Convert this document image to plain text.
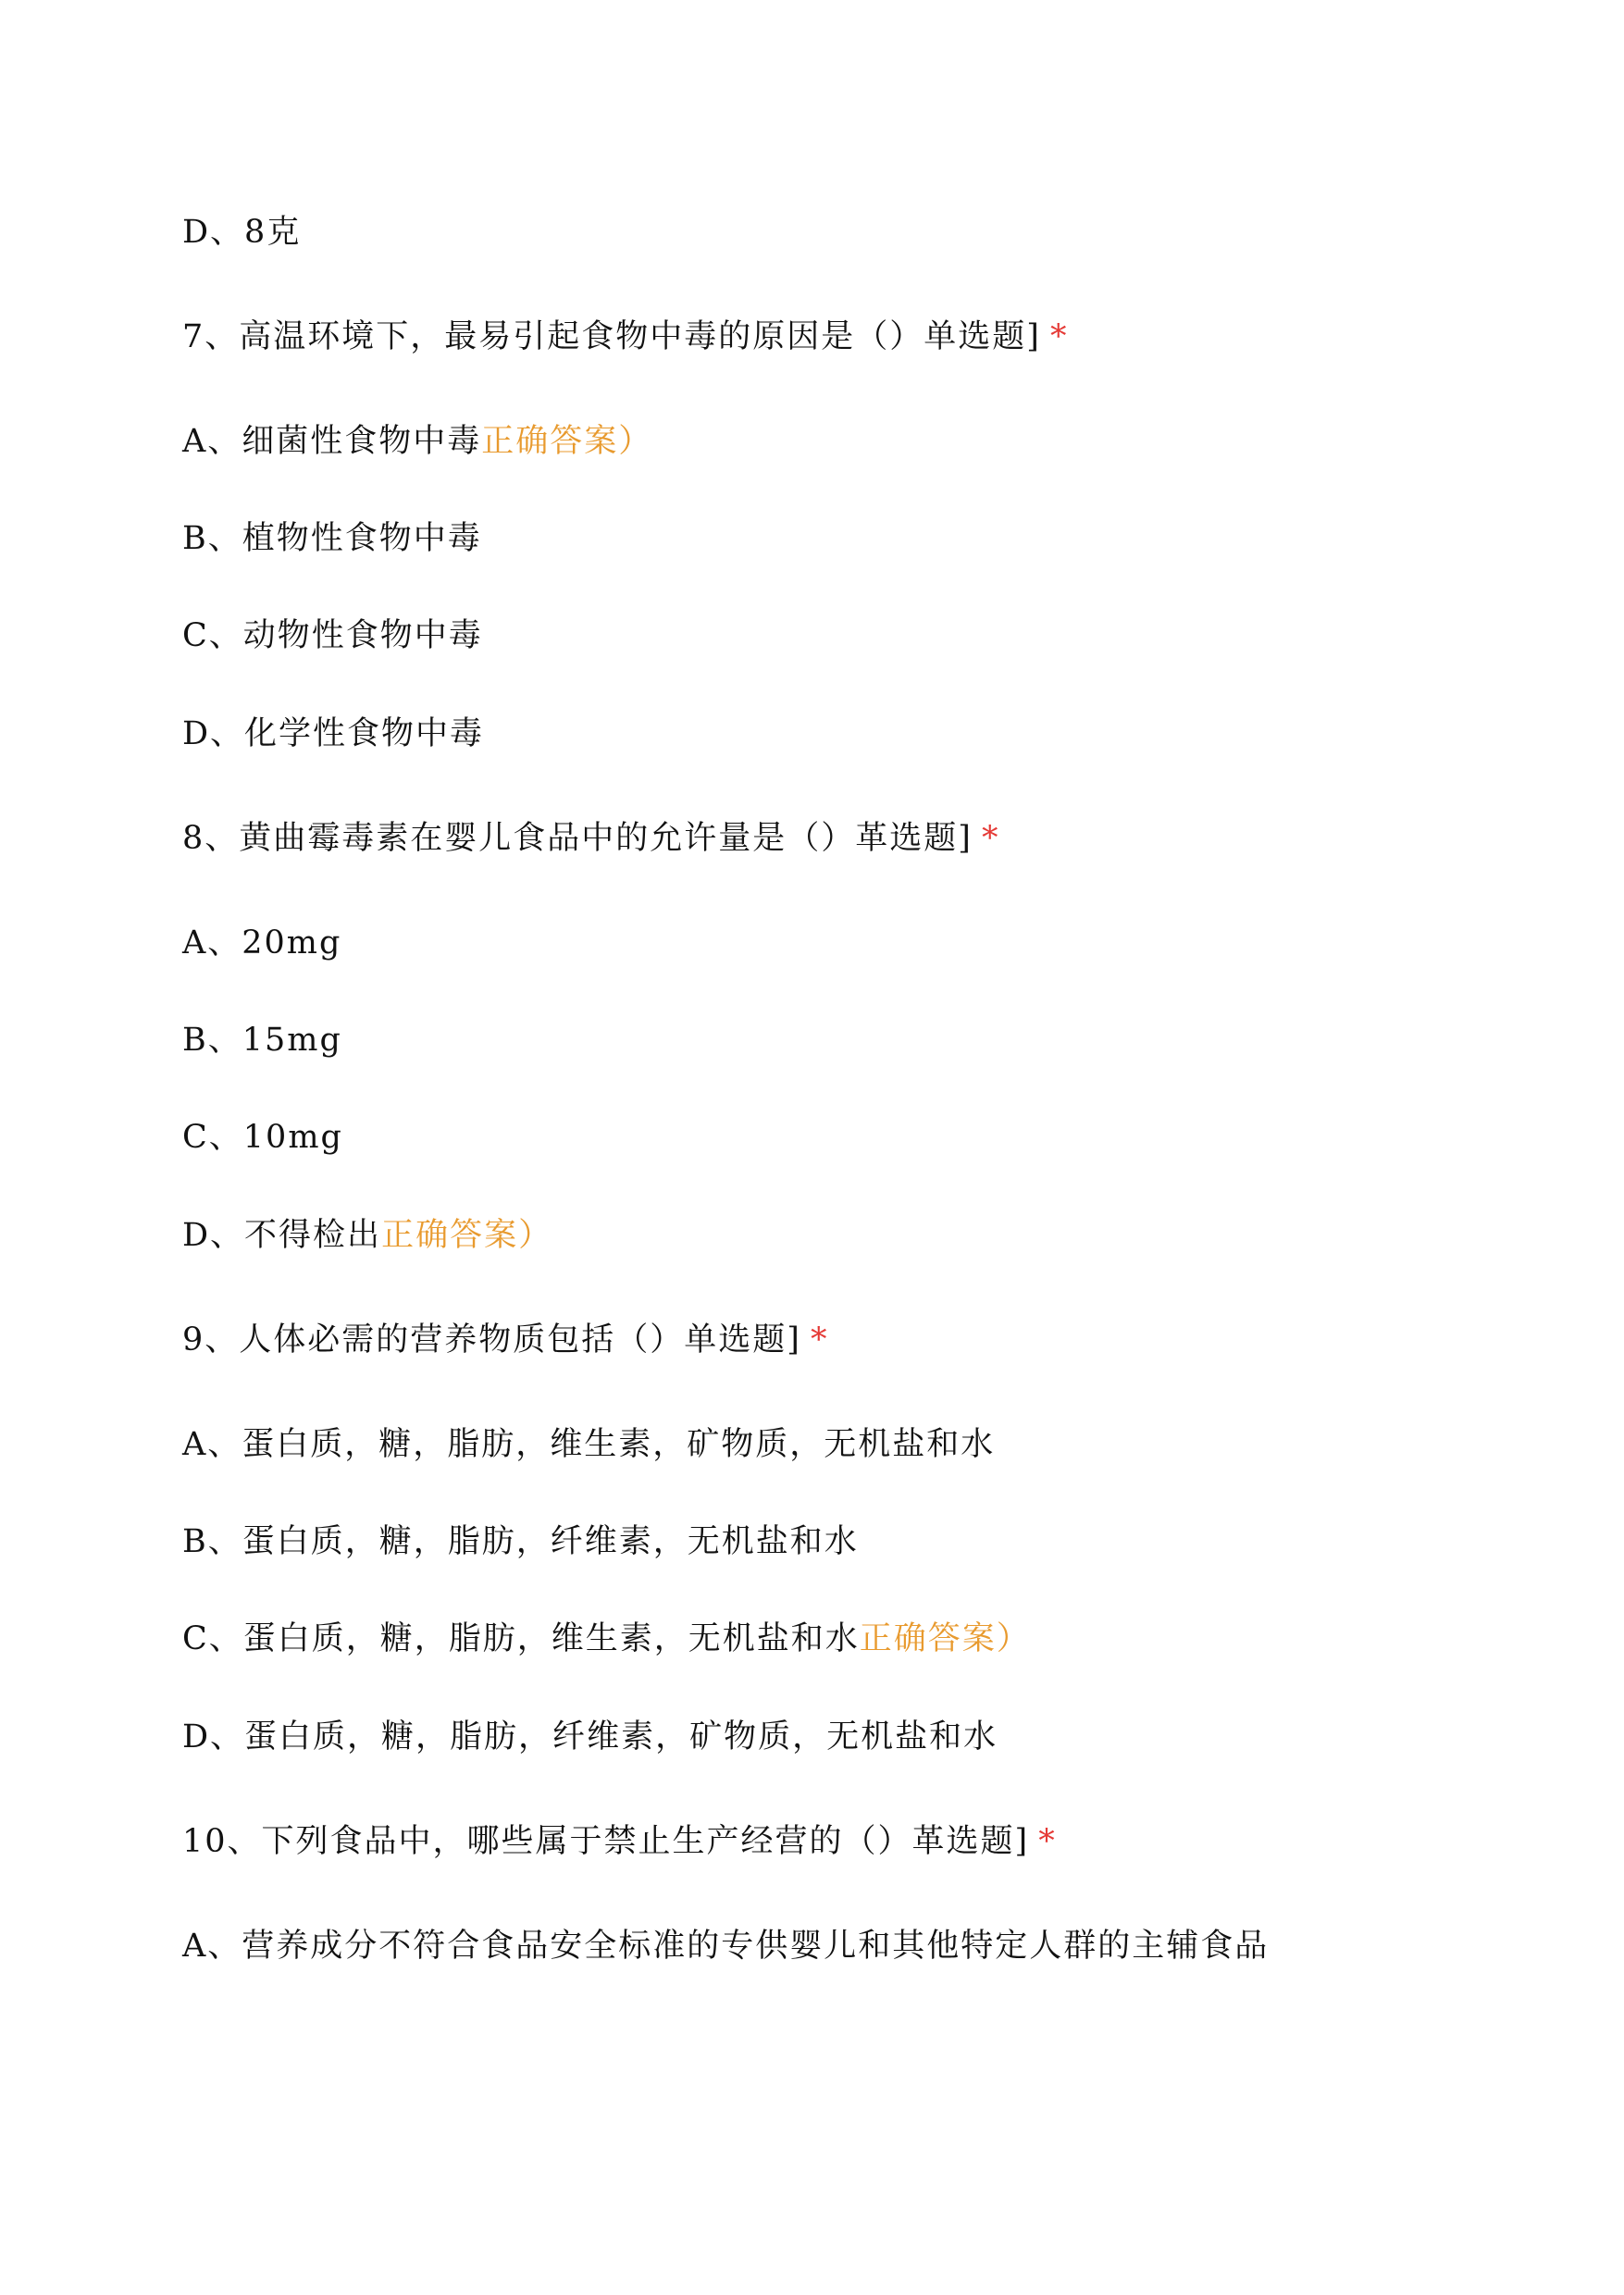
D、8克
7、高温环境下，最易引起食物中毒的原因是（）单选题] *
A、细菌性食物中毒正确答案）
B、植物性食物中毒
C、动物性食物中毒
D、化学性食物中毒
8、黄曲霉毒素在婴儿食品中的允许量是（）革选题] *
A、20mg
B、15mg
C、10mg
D、不得检出正确答案）
9、人体必需的营养物质包括（）单选题] *
A、蛋白质，糖，脂肪，维生素，矿物质，无机盐和水
B、蛋白质，糖，脂肪，纤维素，无机盐和水
C、蛋白质，糖，脂肪，维生素，无机盐和水正确答案）
D、蛋白质，糖，脂肪，纤维素，矿物质，无机盐和水
10、下列食品中，哪些属于禁止生产经营的（）革选题] *
A、营养成分不符合食品安全标准的专供婴儿和其他特定人群的主辅食品
